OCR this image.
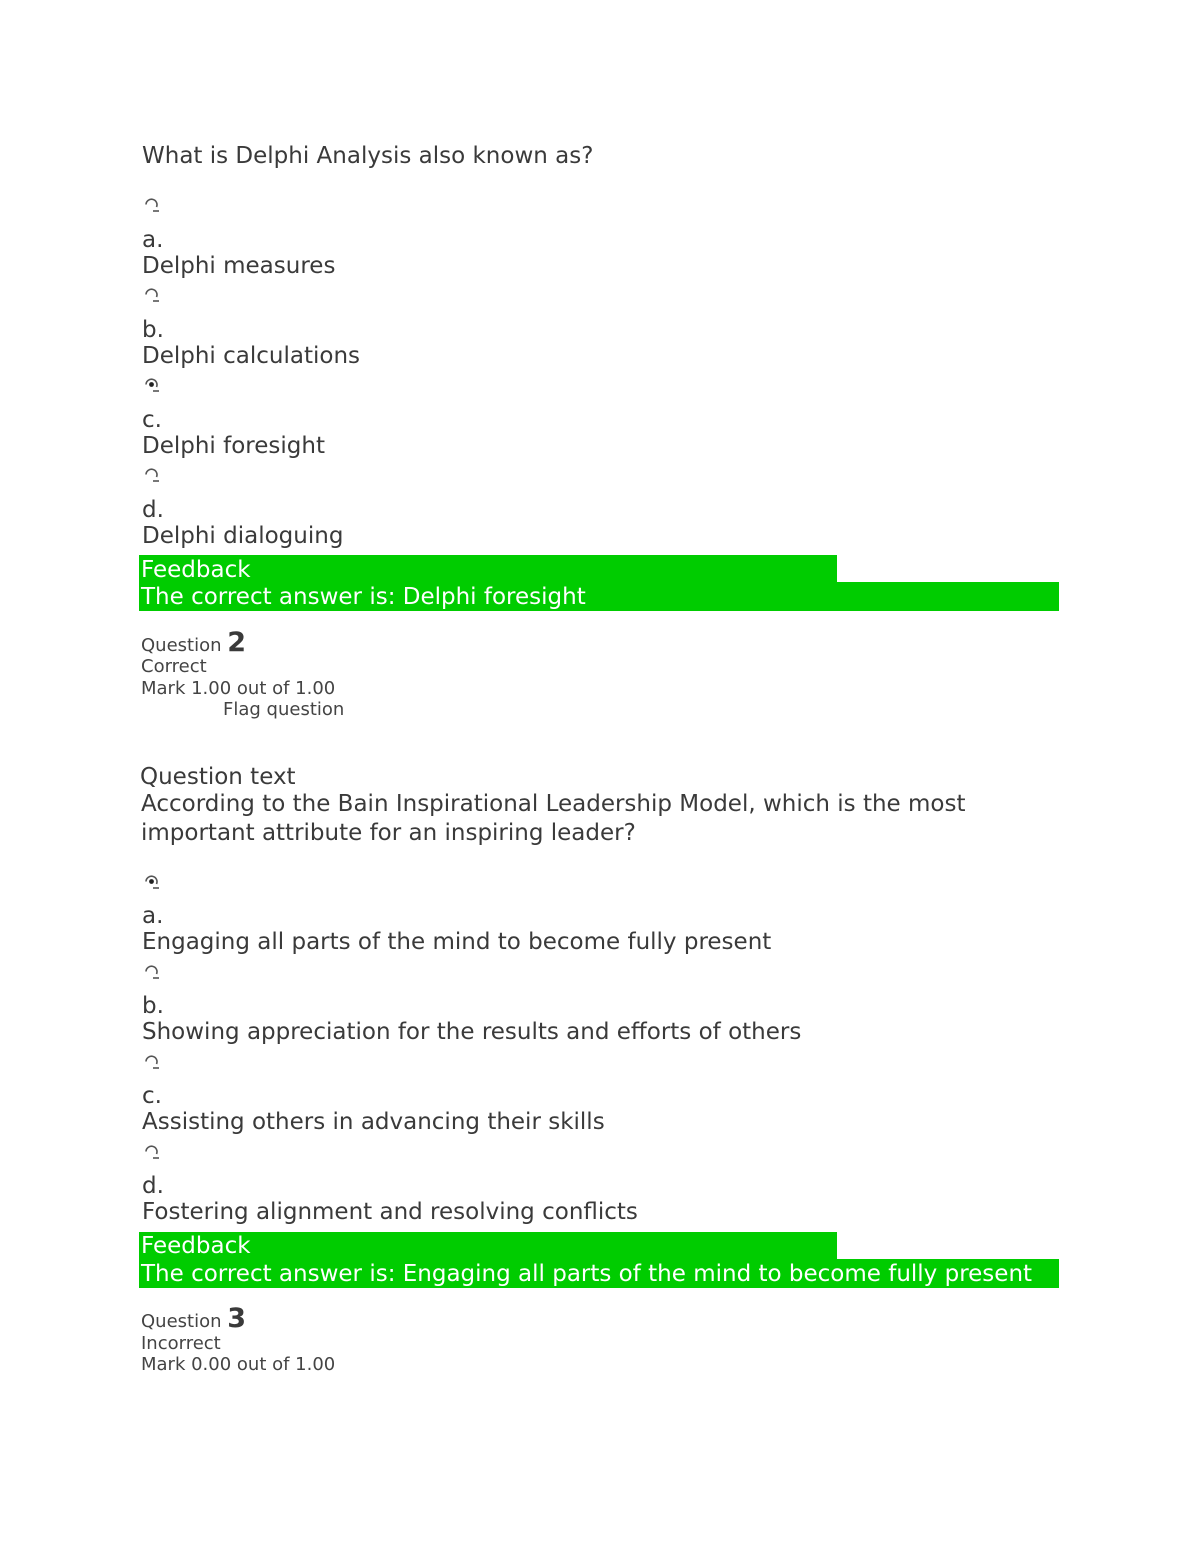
What is Delphi Analysis also known as?
a.
Delphi measures
b.
Delphi calculations
c.
Delphi foresight
d.
Delphi dialoguing
Feedback
The correct answer is: Delphi foresight
Question 2
Correct
Mark 1.00 out of 1.00
Flag question
Question text
According to the Bain Inspirational Leadership Model, which is the most
important attribute for an inspiring leader?
a.
Engaging all parts of the mind to become fully present
b.
Showing appreciation for the results and efforts of others
c.
Assisting others in advancing their skills
d.
Fostering alignment and resolving conflicts
Feedback
The correct answer is: Engaging all parts of the mind to become fully present
Question 3
Incorrect
Mark 0.00 out of 1.00
